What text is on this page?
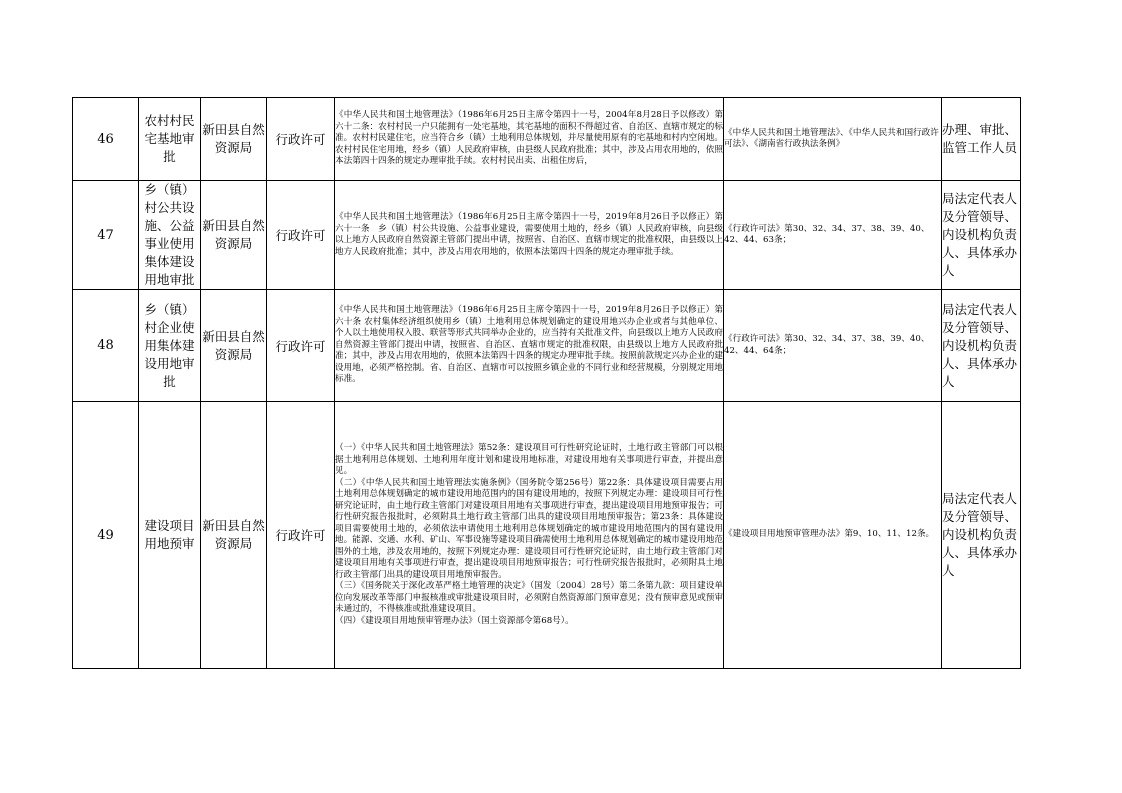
46	农村村民宅基地审批	新田县自然资源局	行政许可	《中华人民共和国土地管理法》（1986年6月25日主席令第四十一号，2004年8月28日予以修改）第六十二条：农村村民一户只能拥有一处宅基地，其宅基地的面积不得超过省、自治区、直辖市规定的标准。农村村民建住宅，应当符合乡（镇）土地利用总体规划，并尽量使用原有的宅基地和村内空闲地。农村村民住宅用地，经乡（镇）人民政府审核，由县级人民政府批准；其中，涉及占用农用地的，依照本法第四十四条的规定办理审批手续。农村村民出卖、出租住房后，	《中华人民共和国土地管理法》、《中华人民共和国行政许可法》、《湖南省行政执法条例》	办理、审批、监管工作人员
47	乡（镇）村公共设施、公益事业使用集体建设用地审批	新田县自然资源局	行政许可	《中华人民共和国土地管理法》（1986年6月25日主席令第四十一号，2019年8月26日予以修正）第六十一条　乡（镇）村公共设施、公益事业建设，需要使用土地的，经乡（镇）人民政府审核，向县级以上地方人民政府自然资源主管部门提出申请，按照省、自治区、直辖市规定的批准权限，由县级以上地方人民政府批准；其中，涉及占用农用地的，依照本法第四十四条的规定办理审批手续。	《行政许可法》第30、32、34、37、38、39、40、42、44、63条；	局法定代表人及分管领导、内设机构负责人、具体承办人
48	乡（镇）村企业使用集体建设用地审批	新田县自然资源局	行政许可	《中华人民共和国土地管理法》（1986年6月25日主席令第四十一号，2019年8月26日予以修正）第六十条 农村集体经济组织使用乡（镇）土地利用总体规划确定的建设用地兴办企业或者与其他单位、个人以土地使用权入股、联营等形式共同举办企业的，应当持有关批准文件，向县级以上地方人民政府自然资源主管部门提出申请，按照省、自治区、直辖市规定的批准权限，由县级以上地方人民政府批准；其中，涉及占用农用地的，依照本法第四十四条的规定办理审批手续。按照前款规定兴办企业的建设用地，必须严格控制。省、自治区、直辖市可以按照乡镇企业的不同行业和经营规模，分别规定用地标准。	《行政许可法》第30、32、34、37、38、39、40、42、44、64条；	局法定代表人及分管领导、内设机构负责人、具体承办人
49	建设项目用地预审	新田县自然资源局	行政许可	（一）《中华人民共和国土地管理法》第52条：建设项目可行性研究论证时，土地行政主管部门可以根据土地利用总体规划、土地利用年度计划和建设用地标准，对建设用地有关事项进行审查，并提出意见。
（二）《中华人民共和国土地管理法实施条例》（国务院令第256号）第22条：具体建设项目需要占用土地利用总体规划确定的城市建设用地范围内的国有建设用地的，按照下列规定办理：建设项目可行性研究论证时，由土地行政主管部门对建设项目用地有关事项进行审查，提出建设项目用地预审报告；可行性研究报告报批时，必须附具土地行政主管部门出具的建设项目用地预审报告；第23条：具体建设项目需要使用土地的，必须依法申请使用土地利用总体规划确定的城市建设用地范围内的国有建设用地。能源、交通、水利、矿山、军事设施等建设项目确需使用土地利用总体规划确定的城市建设用地范围外的土地，涉及农用地的，按照下列规定办理：建设项目可行性研究论证时，由土地行政主管部门对建设项目用地有关事项进行审查，提出建设项目用地预审报告；可行性研究报告报批时，必须附具土地行政主管部门出具的建设项目用地预审报告。
（三）《国务院关于深化改革严格土地管理的决定》（国发〔2004〕28号）第二条第九款：项目建设单位向发展改革等部门申报核准或审批建设项目时，必须附自然资源部门预审意见；没有预审意见或预审未通过的，不得核准或批准建设项目。
（四）《建设项目用地预审管理办法》（国土资源部令第68号）。	《建设项目用地预审管理办法》第9、10、11、12条。	局法定代表人及分管领导、内设机构负责人、具体承办人
